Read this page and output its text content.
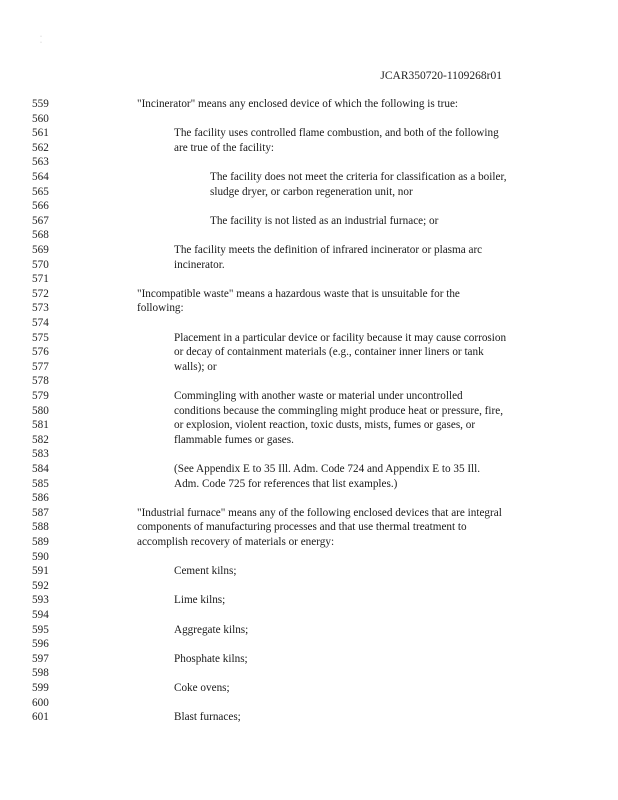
· ·
JCAR350720-1109268r01
559	"Incinerator" means any enclosed device of which the following is true:
560
561	The facility uses controlled flame combustion, and both of the following
562	are true of the facility:
563
564	The facility does not meet the criteria for classification as a boiler,
565	sludge dryer, or carbon regeneration unit, nor
566
567	The facility is not listed as an industrial furnace; or
568
569	The facility meets the definition of infrared incinerator or plasma arc
570	incinerator.
571
572	"Incompatible waste" means a hazardous waste that is unsuitable for the
573	following:
574
575	Placement in a particular device or facility because it may cause corrosion
576	or decay of containment materials (e.g., container inner liners or tank
577	walls); or
578
579	Commingling with another waste or material under uncontrolled
580	conditions because the commingling might produce heat or pressure, fire,
581	or explosion, violent reaction, toxic dusts, mists, fumes or gases, or
582	flammable fumes or gases.
583
584	(See Appendix E to 35 Ill. Adm. Code 724 and Appendix E to 35 Ill.
585	Adm. Code 725 for references that list examples.)
586
587	"Industrial furnace" means any of the following enclosed devices that are integral
588	components of manufacturing processes and that use thermal treatment to
589	accomplish recovery of materials or energy:
590
591	Cement kilns;
592
593	Lime kilns;
594
595	Aggregate kilns;
596
597	Phosphate kilns;
598
599	Coke ovens;
600
601	Blast furnaces;
